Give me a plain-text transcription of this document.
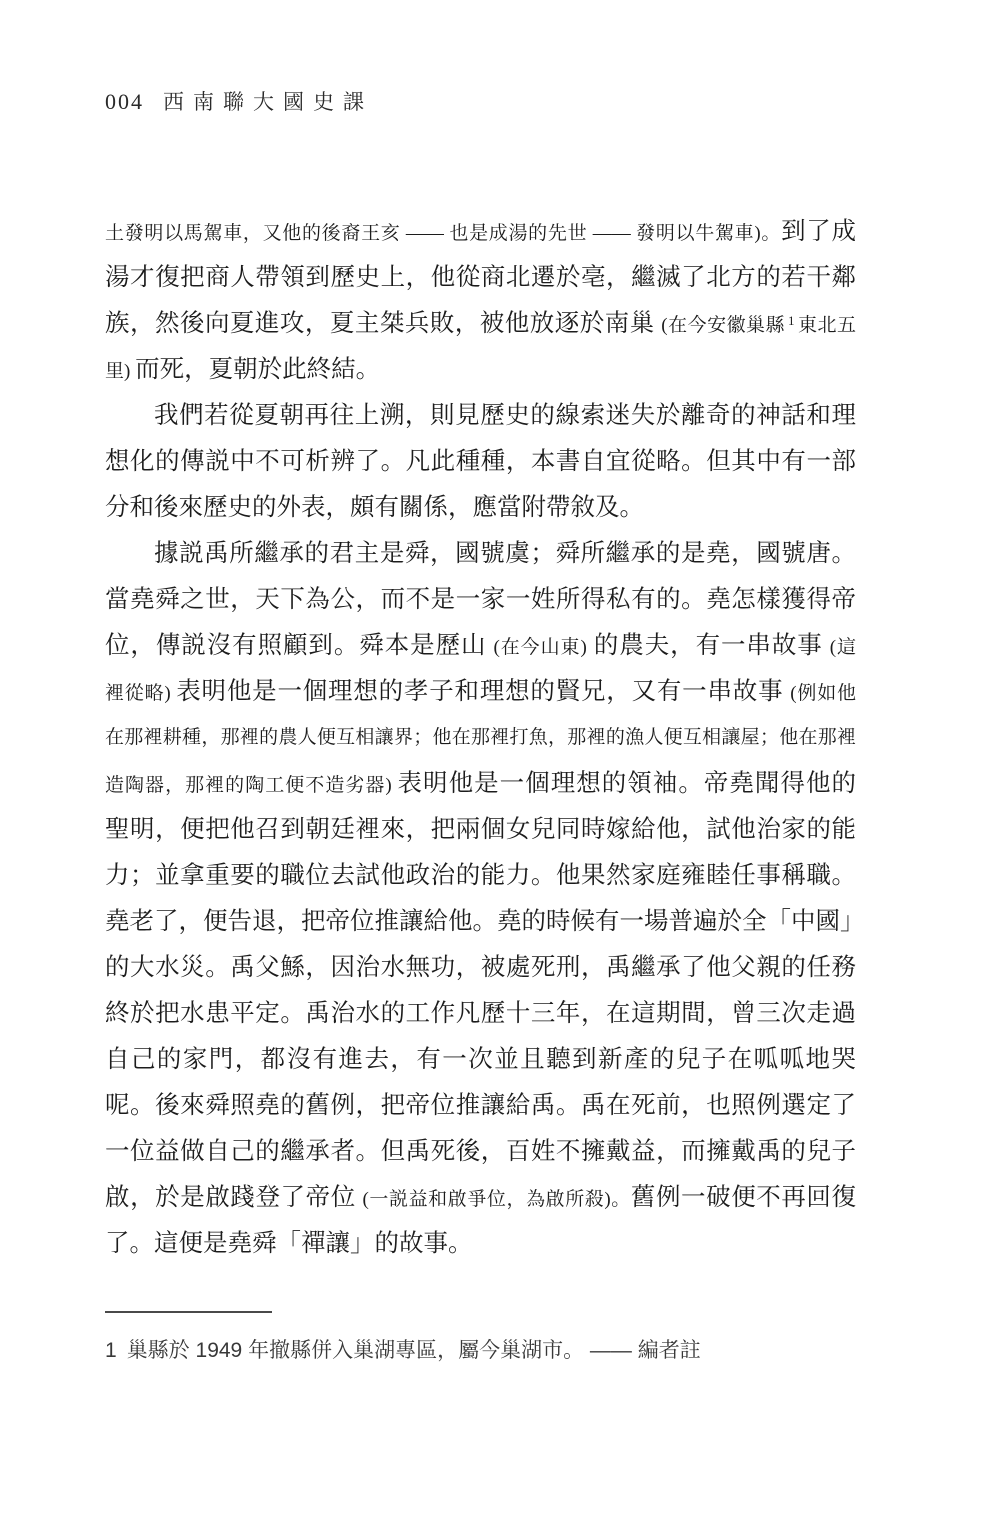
004 西南聯大國史課
土發明以馬駕車，又他的後裔王亥 —— 也是成湯的先世 —— 發明以牛駕車)。到了成
湯才復把商人帶領到歷史上，他從商北遷於亳，繼滅了北方的若干鄰
族，然後向夏進攻，夏主桀兵敗，被他放逐於南巢 (在今安徽巢縣 $^1$ 東北五
里) 而死，夏朝於此終結。
我們若從夏朝再往上溯，則見歷史的線索迷失於離奇的神話和理
想化的傳説中不可析辨了。凡此種種，本書自宜從略。但其中有一部
分和後來歷史的外表，頗有關係，應當附帶敘及。
據説禹所繼承的君主是舜，國號虞；舜所繼承的是堯，國號唐。
當堯舜之世，天下為公，而不是一家一姓所得私有的。堯怎樣獲得帝
位，傳説沒有照顧到。舜本是歷山 (在今山東) 的農夫，有一串故事 (這
裡從略) 表明他是一個理想的孝子和理想的賢兄，又有一串故事 (例如他
在那裡耕種，那裡的農人便互相讓界；他在那裡打魚，那裡的漁人便互相讓屋；他在那裡
造陶器，那裡的陶工便不造劣器) 表明他是一個理想的領袖。帝堯聞得他的
聖明，便把他召到朝廷裡來，把兩個女兒同時嫁給他，試他治家的能
力；並拿重要的職位去試他政治的能力。他果然家庭雍睦任事稱職。
堯老了，便告退，把帝位推讓給他。堯的時候有一場普遍於全「中國」
的大水災。禹父鯀，因治水無功，被處死刑，禹繼承了他父親的任務
終於把水患平定。禹治水的工作凡歷十三年，在這期間，曾三次走過
自己的家門，都沒有進去，有一次並且聽到新產的兒子在呱呱地哭
呢。後來舜照堯的舊例，把帝位推讓給禹。禹在死前，也照例選定了
一位益做自己的繼承者。但禹死後，百姓不擁戴益，而擁戴禹的兒子
啟，於是啟踐登了帝位 (一説益和啟爭位，為啟所殺)。舊例一破便不再回復
了。這便是堯舜「禪讓」的故事。
1 巢縣於 1949 年撤縣併入巢湖專區，屬今巢湖市。 —— 編者註
